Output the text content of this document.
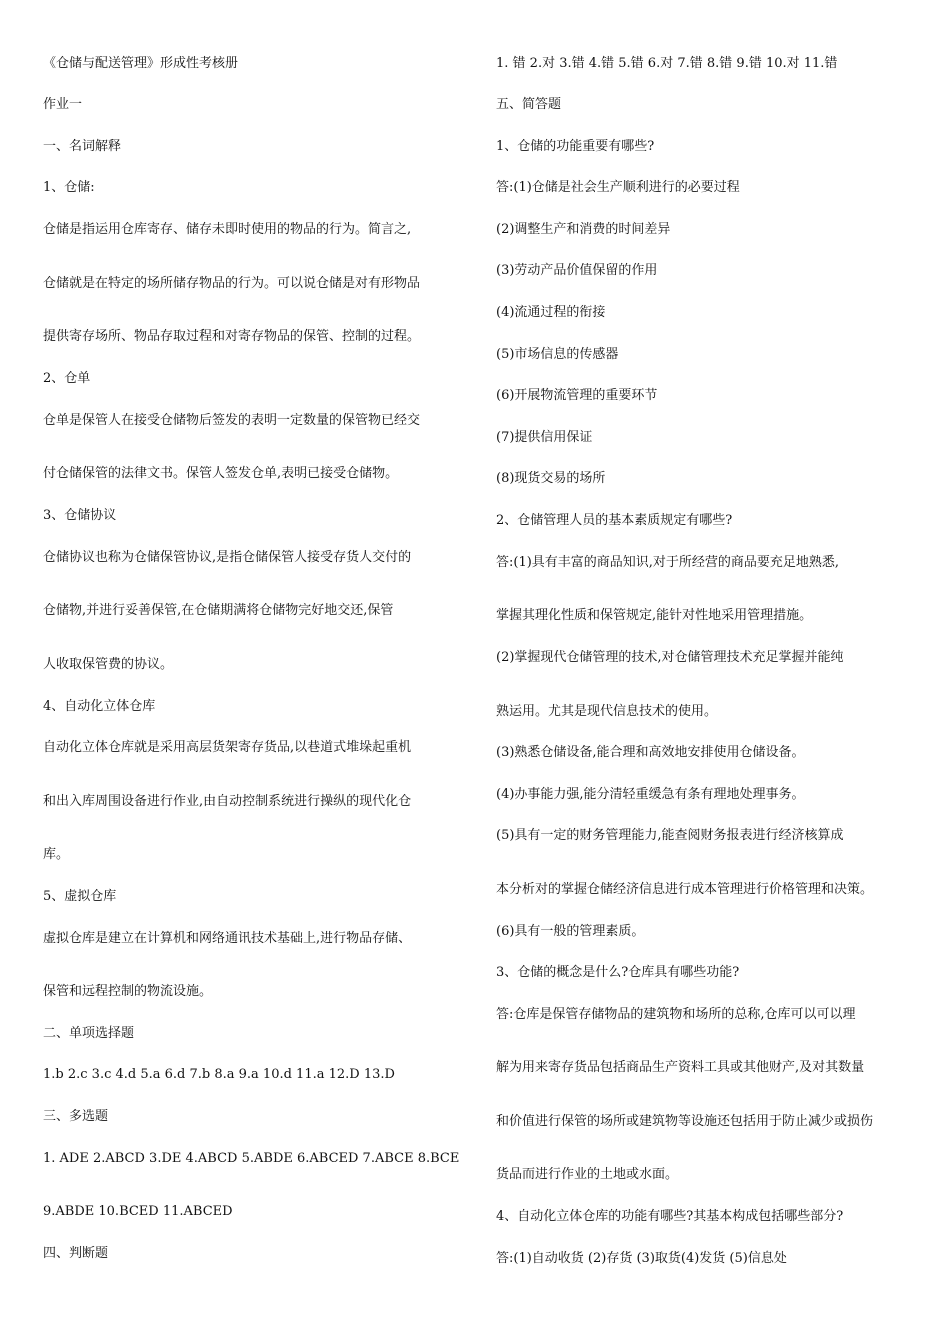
《仓储与配送管理》形成性考核册
作业一
一、名词解释
1、仓储:
仓储是指运用仓库寄存、储存未即时使用的物品的行为。简言之,
仓储就是在特定的场所储存物品的行为。可以说仓储是对有形物品
提供寄存场所、物品存取过程和对寄存物品的保管、控制的过程。
2、仓单
仓单是保管人在接受仓储物后签发的表明一定数量的保管物已经交
付仓储保管的法律文书。保管人签发仓单,表明已接受仓储物。
3、仓储协议
仓储协议也称为仓储保管协议,是指仓储保管人接受存货人交付的
仓储物,并进行妥善保管,在仓储期满将仓储物完好地交还,保管
人收取保管费的协议。
4、自动化立体仓库
自动化立体仓库就是采用高层货架寄存货品,以巷道式堆垛起重机
和出入库周围设备进行作业,由自动控制系统进行操纵的现代化仓
库。
5、虚拟仓库
虚拟仓库是建立在计算机和网络通讯技术基础上,进行物品存储、
保管和远程控制的物流设施。
二、单项选择题
1.b 2.c 3.c 4.d 5.a 6.d 7.b 8.a 9.a 10.d 11.a 12.D 13.D
三、多选题
1. ADE 2.ABCD 3.DE 4.ABCD 5.ABDE 6.ABCED 7.ABCE 8.BCE
9.ABDE 10.BCED 11.ABCED
四、判断题
1. 错 2.对 3.错 4.错 5.错 6.对 7.错 8.错 9.错 10.对 11.错
五、简答题
1、仓储的功能重要有哪些?
答:(1)仓储是社会生产顺利进行的必要过程
(2)调整生产和消费的时间差异
(3)劳动产品价值保留的作用
(4)流通过程的衔接
(5)市场信息的传感器
(6)开展物流管理的重要环节
(7)提供信用保证
(8)现货交易的场所
2、仓储管理人员的基本素质规定有哪些?
答:(1)具有丰富的商品知识,对于所经营的商品要充足地熟悉,
掌握其理化性质和保管规定,能针对性地采用管理措施。
(2)掌握现代仓储管理的技术,对仓储管理技术充足掌握并能纯
熟运用。尤其是现代信息技术的使用。
(3)熟悉仓储设备,能合理和高效地安排使用仓储设备。
(4)办事能力强,能分清轻重缓急有条有理地处理事务。
(5)具有一定的财务管理能力,能查阅财务报表进行经济核算成
本分析对的掌握仓储经济信息进行成本管理进行价格管理和决策。
(6)具有一般的管理素质。
3、仓储的概念是什么?仓库具有哪些功能?
答:仓库是保管存储物品的建筑物和场所的总称,仓库可以可以理
解为用来寄存货品包括商品生产资料工具或其他财产,及对其数量
和价值进行保管的场所或建筑物等设施还包括用于防止减少或损伤
货品而进行作业的土地或水面。
4、自动化立体仓库的功能有哪些?其基本构成包括哪些部分?
答:(1)自动收货 (2)存货 (3)取货(4)发货 (5)信息处
